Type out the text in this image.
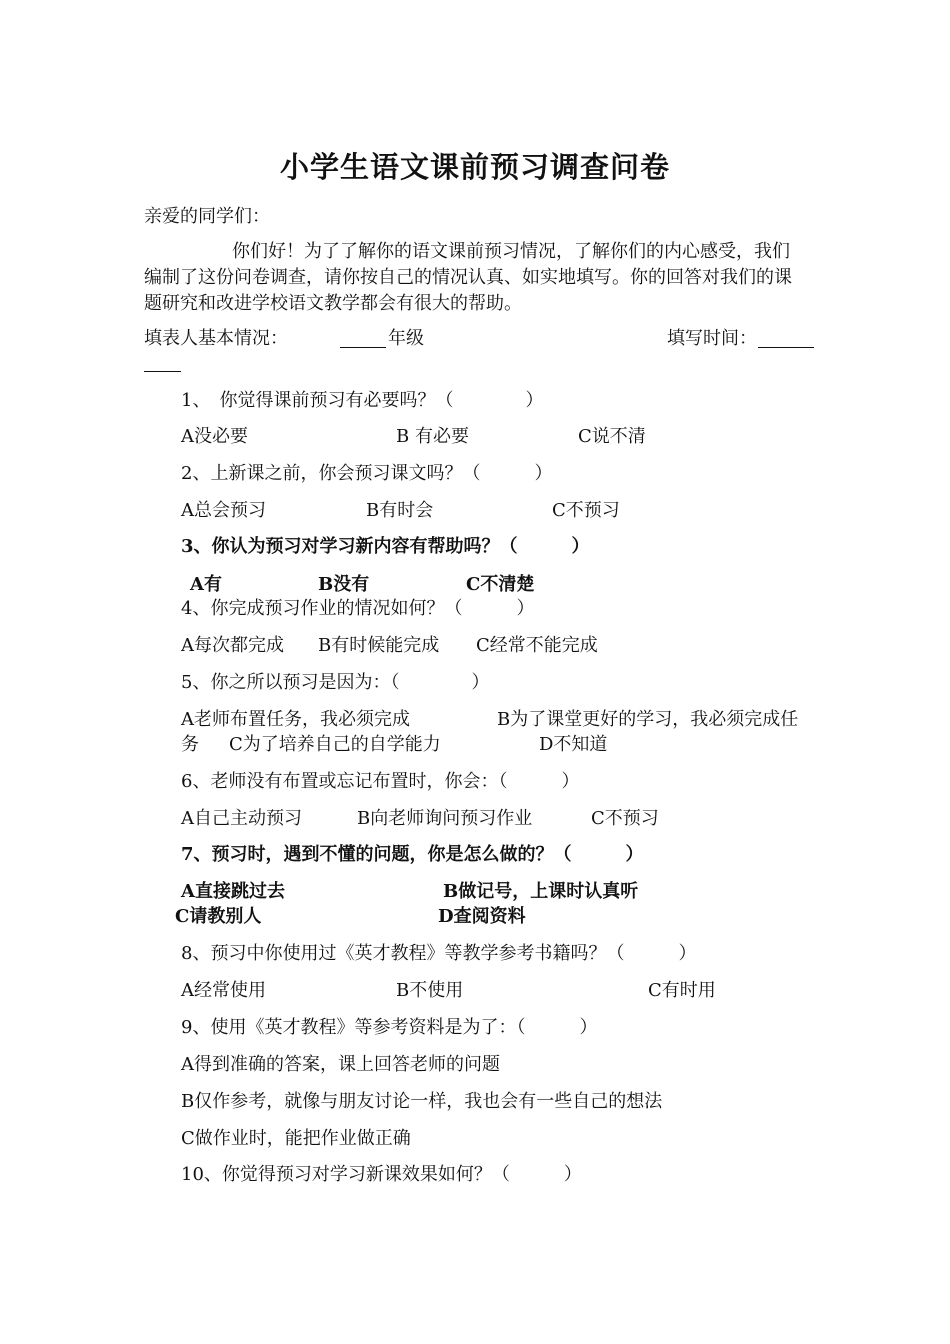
小学生语文课前预习调查问卷
亲爱的同学们：
你们好！为了了解你的语文课前预习情况，了解你们的内心感受，我们
编制了这份问卷调查，请你按自己的情况认真、如实地填写。你的回答对我们的课
题研究和改进学校语文教学都会有很大的帮助。
填表人基本情况：	年级	填写时间：
1、　你觉得课前预习有必要吗？（　　　　）
A没必要	B 有必要	C说不清
2、上新课之前，你会预习课文吗？（　　　）
A总会预习	B有时会	C不预习
3、你认为预习对学习新内容有帮助吗？（　　　）
A有	B没有	C不清楚
4、你完成预习作业的情况如何？（　　　）
A每次都完成 B有时候能完成 C经常不能完成
5、你之所以预习是因为：（　　　　）
A老师布置任务，我必须完成	B为了课堂更好的学习，我必须完成任
务 C为了培养自己的自学能力	D不知道
6、老师没有布置或忘记布置时，你会：（　　　）
A自己主动预习	B向老师询问预习作业	C不预习
7、预习时，遇到不懂的问题，你是怎么做的？（　　　）
A直接跳过去	B做记号，上课时认真听
C请教别人	D查阅资料
8、预习中你使用过《英才教程》等教学参考书籍吗？（　　　）
A经常使用	B不使用	C有时用
9、使用《英才教程》等参考资料是为了：（　　　）
A得到准确的答案，课上回答老师的问题
B仅作参考，就像与朋友讨论一样，我也会有一些自己的想法
C做作业时，能把作业做正确
10、你觉得预习对学习新课效果如何？（　　　）
